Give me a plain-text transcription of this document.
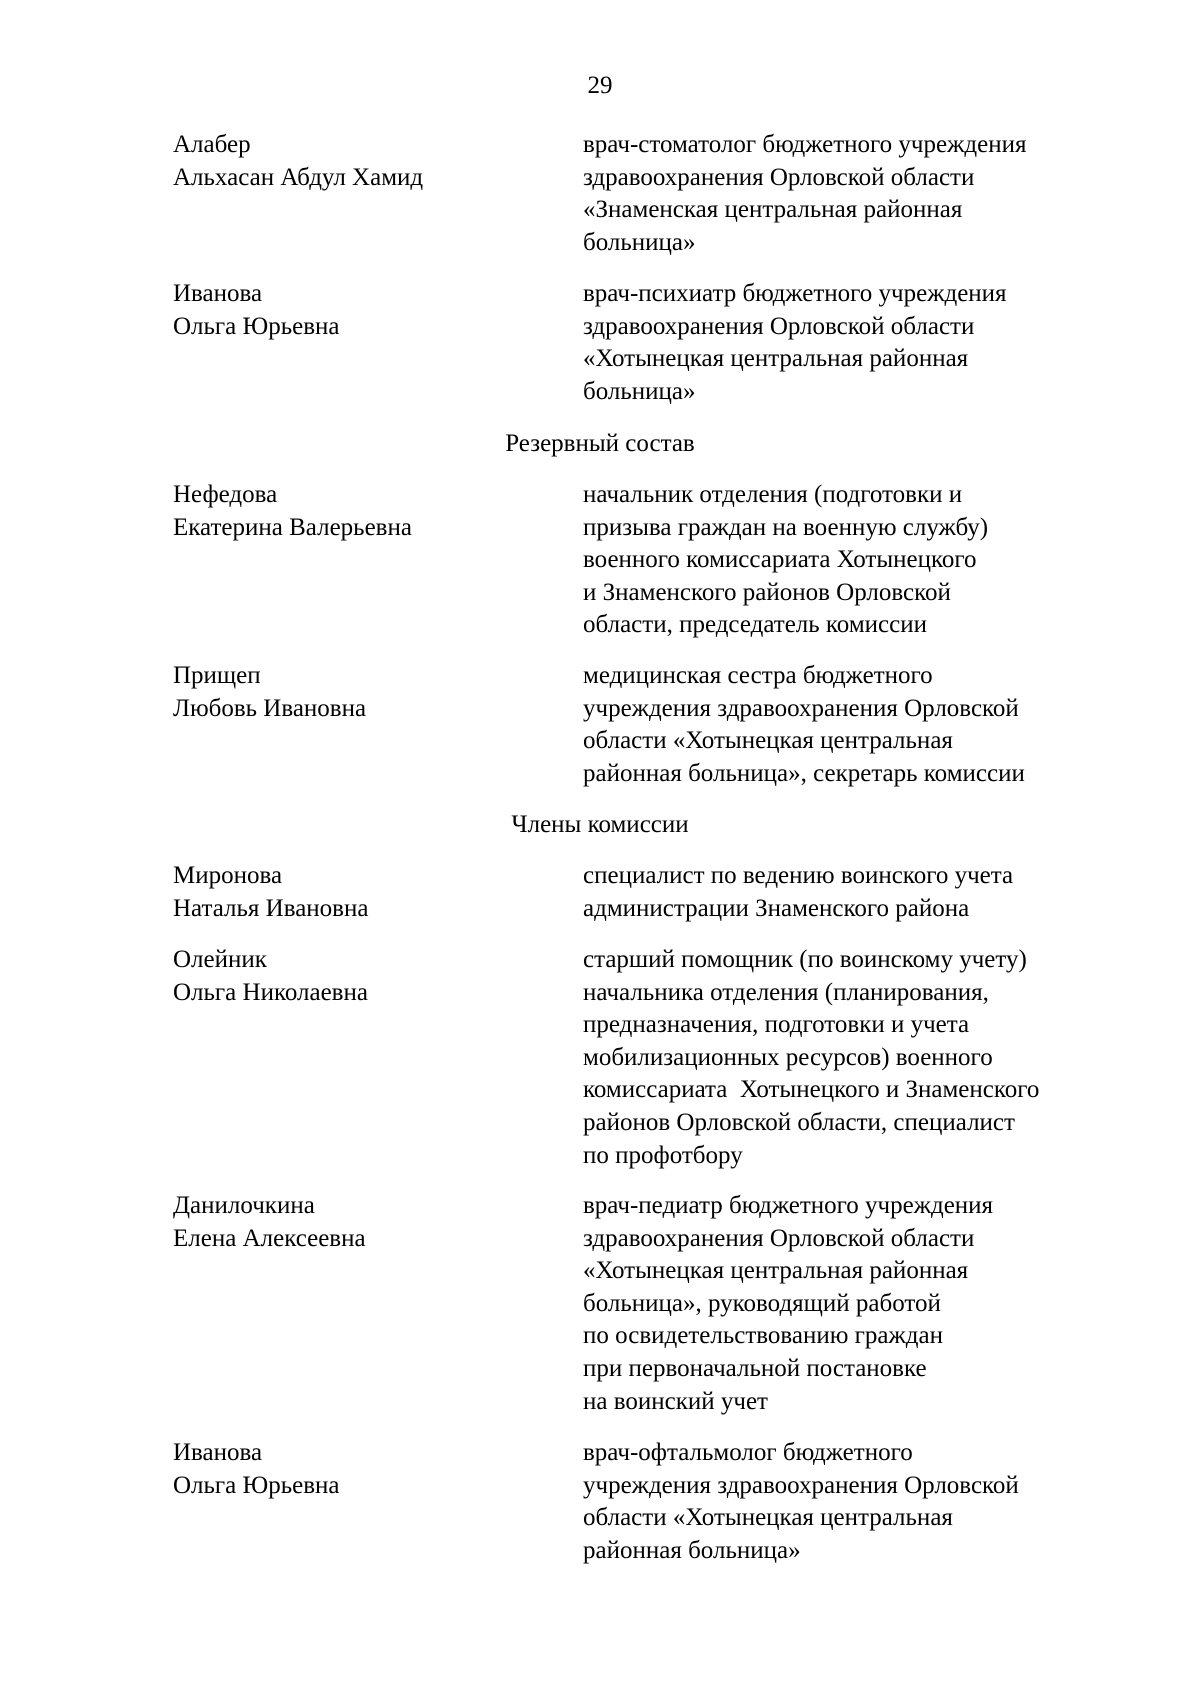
29
Алабер
Альхасан Абдул Хамид
врач-стоматолог бюджетного учреждения
здравоохранения Орловской области
«Знаменская центральная районная
больница»
Иванова
Ольга Юрьевна
врач-психиатр бюджетного учреждения
здравоохранения Орловской области
«Хотынецкая центральная районная
больница»
Резервный состав
Нефедова
Екатерина Валерьевна
начальник отделения (подготовки и
призыва граждан на военную службу)
военного комиссариата Хотынецкого
и Знаменского районов Орловской
области, председатель комиссии
Прищеп
Любовь Ивановна
медицинская сестра бюджетного
учреждения здравоохранения Орловской
области «Хотынецкая центральная
районная больница», секретарь комиссии
Члены комиссии
Миронова
Наталья Ивановна
специалист по ведению воинского учета
администрации Знаменского района
Олейник
Ольга Николаевна
старший помощник (по воинскому учету)
начальника отделения (планирования,
предназначения, подготовки и учета
мобилизационных ресурсов) военного
комиссариата  Хотынецкого и Знаменского
районов Орловской области, специалист
по профотбору
Данилочкина
Елена Алексеевна
врач-педиатр бюджетного учреждения
здравоохранения Орловской области
«Хотынецкая центральная районная
больница», руководящий работой
по освидетельствованию граждан
при первоначальной постановке
на воинский учет
Иванова
Ольга Юрьевна
врач-офтальмолог бюджетного
учреждения здравоохранения Орловской
области «Хотынецкая центральная
районная больница»
